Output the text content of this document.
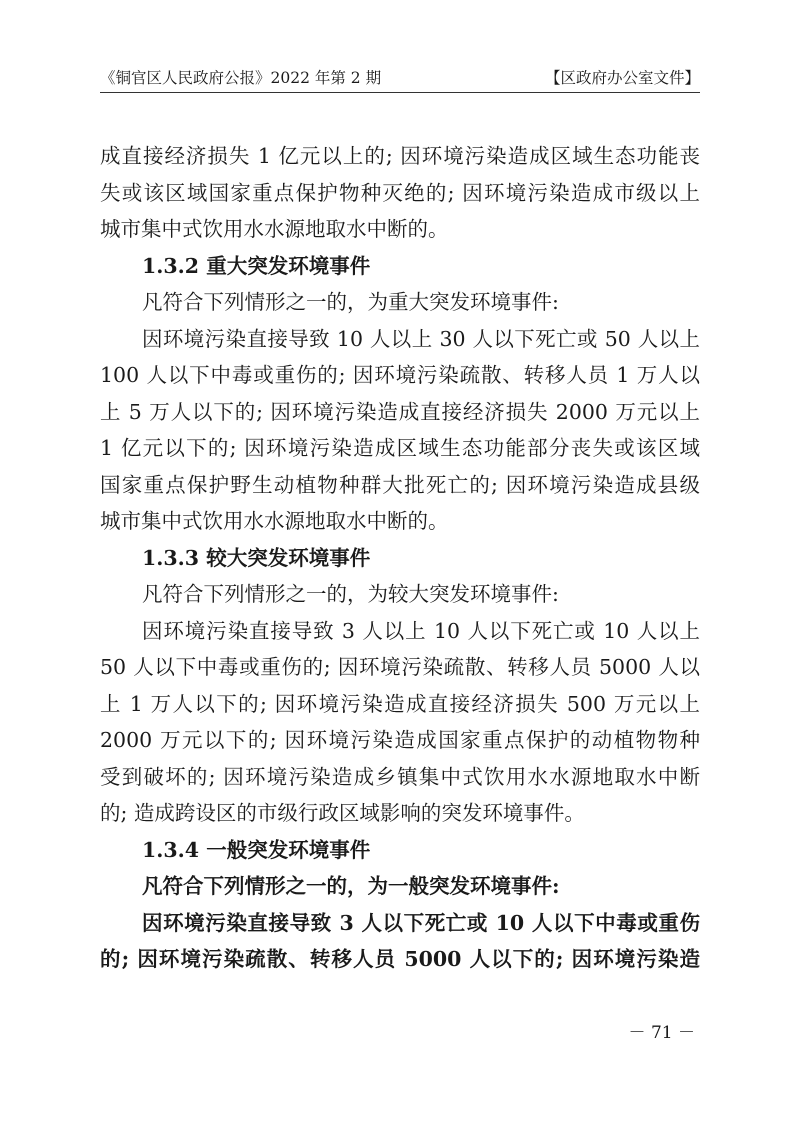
《铜官区人民政府公报》2022 年第 2 期	【区政府办公室文件】
成直接经济损失 1 亿元以上的; 因环境污染造成区域生态功能丧
失或该区域国家重点保护物种灭绝的; 因环境污染造成市级以上
城市集中式饮用水水源地取水中断的。
1.3.2 重大突发环境事件
凡符合下列情形之一的，为重大突发环境事件:
因环境污染直接导致 10 人以上 30 人以下死亡或 50 人以上
100 人以下中毒或重伤的; 因环境污染疏散、转移人员 1 万人以
上 5 万人以下的; 因环境污染造成直接经济损失 2000 万元以上
1 亿元以下的; 因环境污染造成区域生态功能部分丧失或该区域
国家重点保护野生动植物种群大批死亡的; 因环境污染造成县级
城市集中式饮用水水源地取水中断的。
1.3.3 较大突发环境事件
凡符合下列情形之一的，为较大突发环境事件:
因环境污染直接导致 3 人以上 10 人以下死亡或 10 人以上
50 人以下中毒或重伤的; 因环境污染疏散、转移人员 5000 人以
上 1 万人以下的; 因环境污染造成直接经济损失 500 万元以上
2000 万元以下的; 因环境污染造成国家重点保护的动植物物种
受到破坏的; 因环境污染造成乡镇集中式饮用水水源地取水中断
的; 造成跨设区的市级行政区域影响的突发环境事件。
1.3.4 一般突发环境事件
凡符合下列情形之一的，为一般突发环境事件:
因环境污染直接导致 3 人以下死亡或 10 人以下中毒或重伤
的; 因环境污染疏散、转移人员 5000 人以下的; 因环境污染造
－ 71 －
